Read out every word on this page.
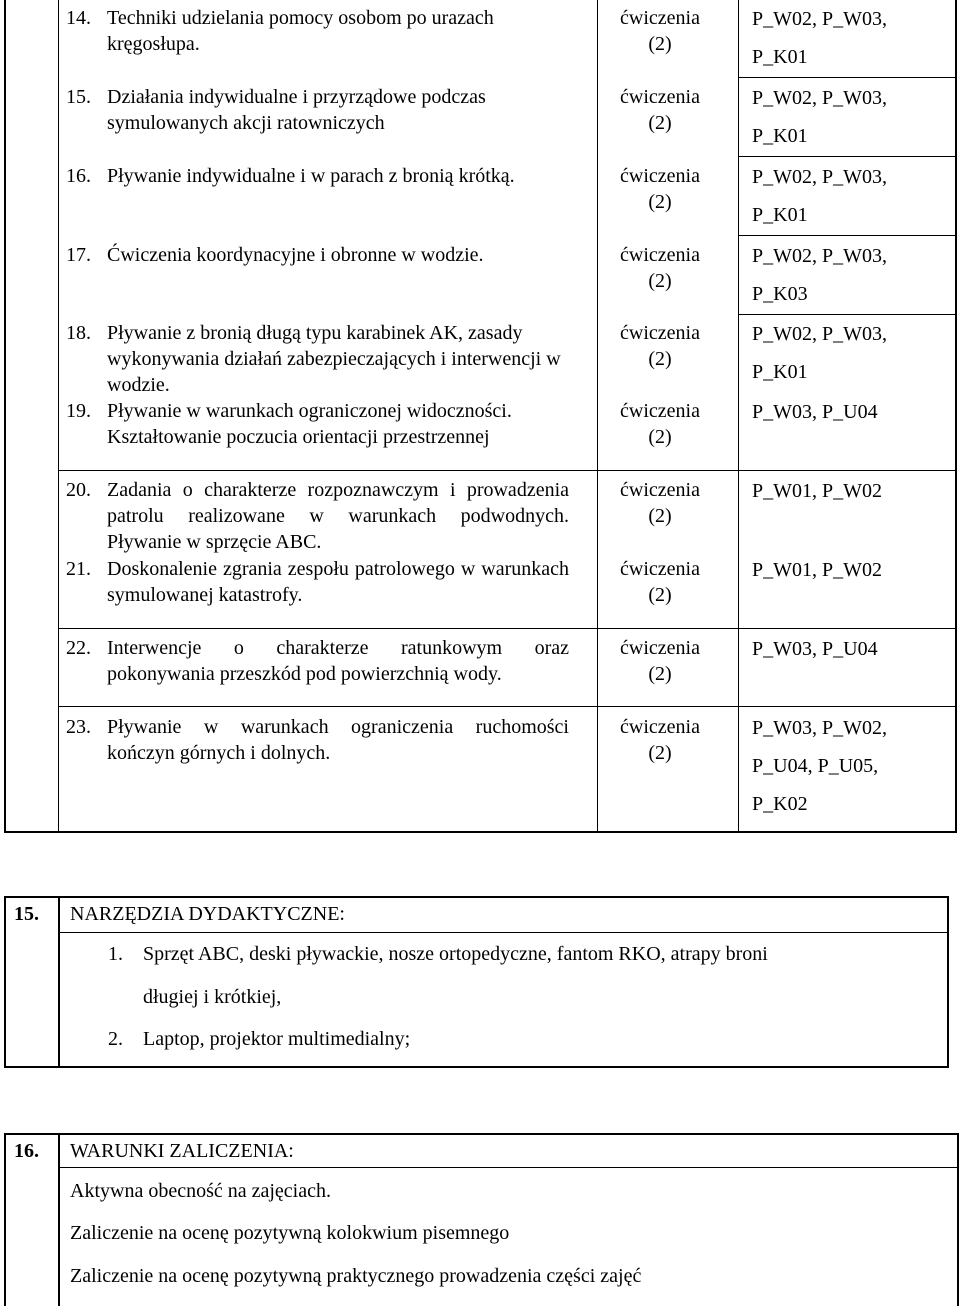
14. Techniki udzielania pomocy osobom po urazach kręgosłupa.
ćwiczenia (2)
P_W02, P_W03,
P_K01
15. Działania indywidualne i przyrządowe podczas symulowanych akcji ratowniczych
ćwiczenia (2)
P_W02, P_W03,
P_K01
16. Pływanie indywidualne i w parach z bronią krótką.	ćwiczenia (2)
P_W02, P_W03,
P_K01
17. Ćwiczenia koordynacyjne i obronne w wodzie.	ćwiczenia (2)
P_W02, P_W03,
P_K03
18. Pływanie z bronią długą typu karabinek AK, zasady wykonywania działań zabezpieczających i interwencji w wodzie.
ćwiczenia (2)
P_W02, P_W03,
P_K01
19. Pływanie w warunkach ograniczonej widoczności. Kształtowanie poczucia orientacji przestrzennej
ćwiczenia (2)
P_W03, P_U04
20. Zadania o charakterze rozpoznawczym i prowadzenia patrolu realizowane w warunkach podwodnych. Pływanie w sprzęcie ABC.
ćwiczenia (2)
P_W01, P_W02
21. Doskonalenie zgrania zespołu patrolowego w warunkach symulowanej katastrofy.
ćwiczenia (2)
P_W01, P_W02
22. Interwencje o charakterze ratunkowym oraz pokonywania przeszkód pod powierzchnią wody.
ćwiczenia (2)
P_W03, P_U04
23. Pływanie w warunkach ograniczenia ruchomości kończyn górnych i dolnych.
ćwiczenia (2)
P_W03, P_W02,
P_U04, P_U05,
P_K02
15. NARZĘDZIA DYDAKTYCZNE:
1. Sprzęt ABC, deski pływackie, nosze ortopedyczne, fantom RKO, atrapy broni
długiej i krótkiej,
2. Laptop, projektor multimedialny;
16. WARUNKI ZALICZENIA:
Aktywna obecność na zajęciach.
Zaliczenie na ocenę pozytywną kolokwium pisemnego
Zaliczenie na ocenę pozytywną praktycznego prowadzenia części zajęć
